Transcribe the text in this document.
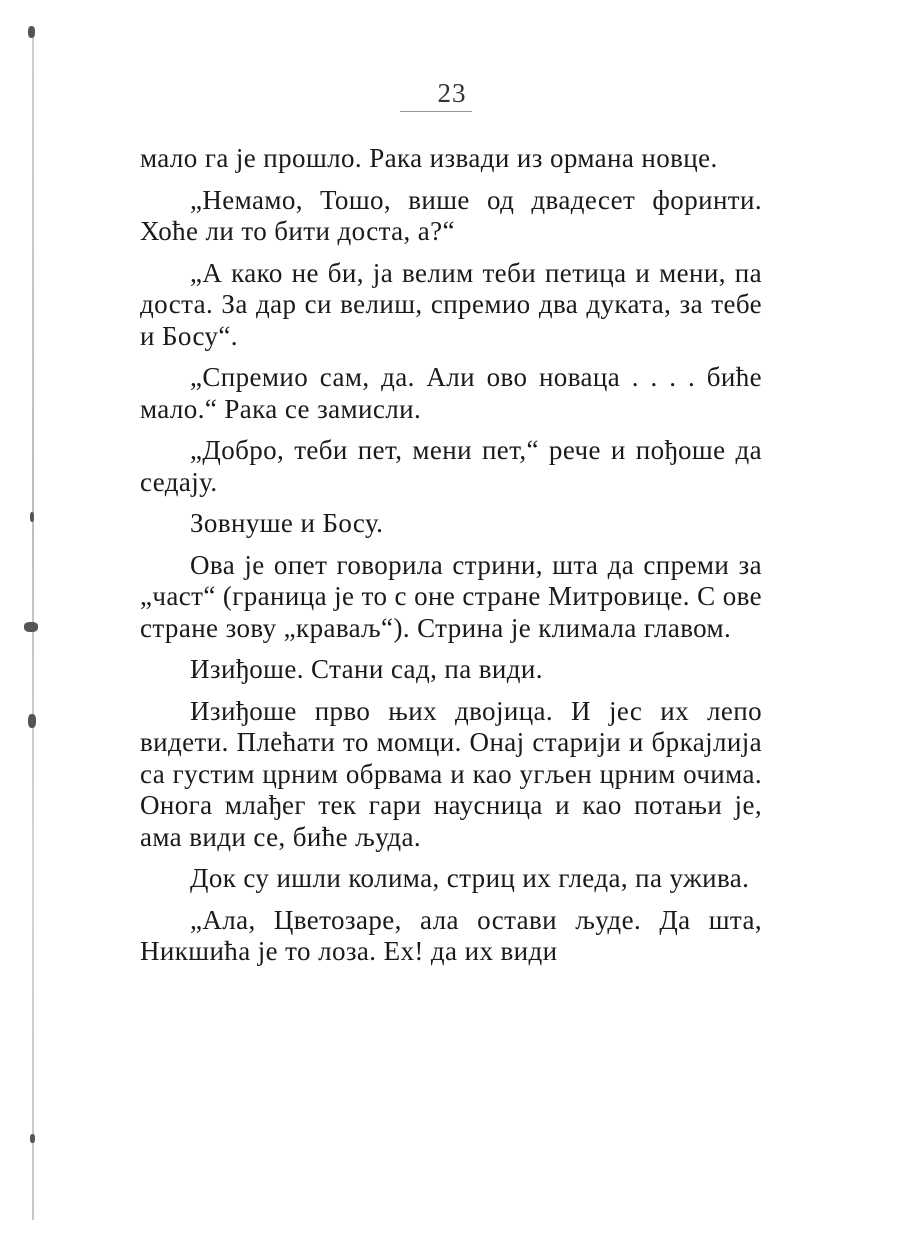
23

мало га је прошло. Рака извади из ормана новце.

„Немамо, Тошо, више од двадесет форинти. Хоће ли то бити доста, а?“

„А како не би, ја велим теби петица и мени, па доста. За дар си велиш, спремио два дуката, за тебе и Босу“.

„Спремио сам, да. Али ово новаца . . . . биће мало.“ Рака се замисли.

„Добро, теби пет, мени пет,“ рече и пођоше да седају.

Зовнуше и Босу.

Ова је опет говорила стрини, шта да спреми за „част“ (граница је то с оне стране Митровице. С ове стране зову „краваљ“). Стрина је климала главом.

Изиђоше. Стани сад, па види.

Изиђоше прво њих двојица. И јес их лепо видети. Плећати то момци. Онај старији и бркајлија са густим црним обрвама и као угљен црним очима. Онога млађег тек гари наусница и као потањи је, ама види се, биће људа.

Док су ишли колима, стриц их гледа, па ужива.

„Ала, Цветозаре, ала остави људе. Да шта, Никшића је то лоза. Ех! да их види
